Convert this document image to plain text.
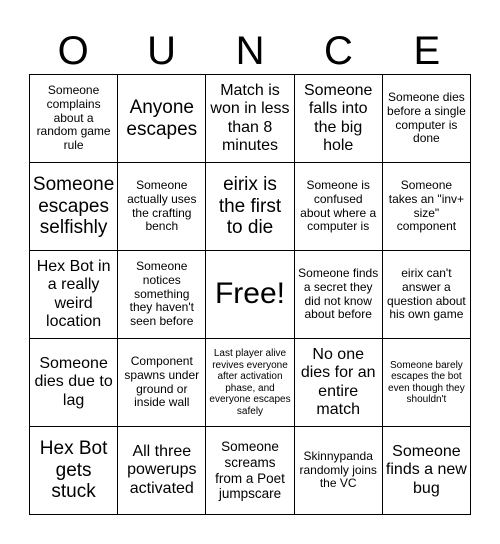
O	U	N	C	E
Someone complains about a random game rule
Anyone escapes
Match is won in less than 8 minutes
Someone falls into the big hole
Someone dies before a single computer is done
Someone escapes selfishly
Someone actually uses the crafting bench
eirix is the first to die
Someone is confused about where a computer is
Someone takes an "inv+ size" component
Hex Bot in a really weird location
Someone notices something they haven't seen before
Free!
Someone finds a secret they did not know about before
eirix can't answer a question about his own game
Someone dies due to lag
Component spawns under ground or inside wall
Last player alive revives everyone after activation phase, and everyone escapes safely
No one dies for an entire match
Someone barely escapes the bot even though they shouldn't
Hex Bot gets stuck
All three powerups activated
Someone screams from a Poet jumpscare
Skinnypanda randomly joins the VC
Someone finds a new bug
